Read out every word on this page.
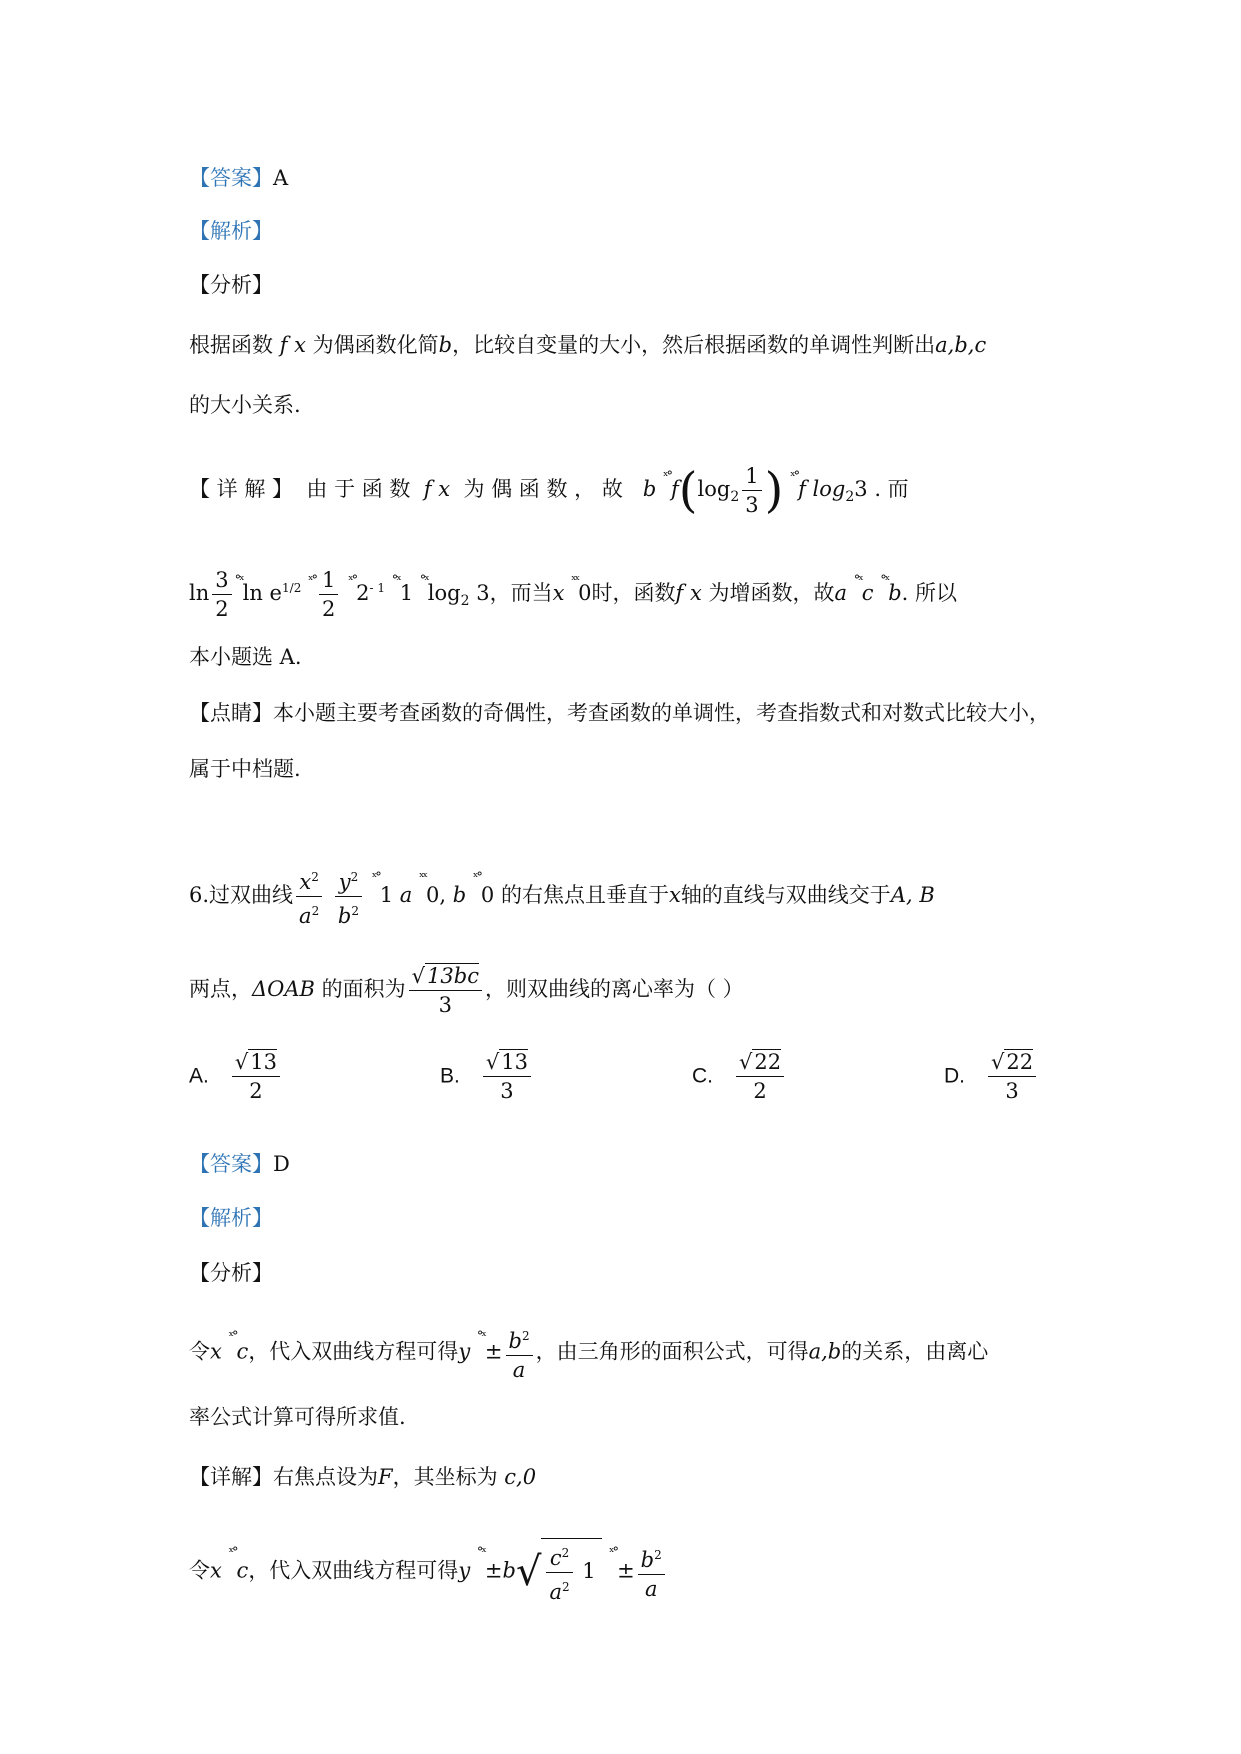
【答案】A
【解析】
【分析】
根据函数 f x 为偶函数化简b，比较自变量的大小，然后根据函数的单调性判断出a,b,c
的大小关系.
【 详 解 】 由 于 函 数 f x 为 偶 函 数 ， 故 b $^{ˣ^\circ}f(\log_2 \frac{1}{3}$ ) $^{ˣ^\circ}$f $\log_23$ . 而
$\ln \frac{3}{2} ^{^\circ ˣ}\ln$ $e^{1/2}$ $^{ˣ^\circ} \frac{1}{2} ^{ˣ^\circ}2^{- 1}$ $^{^\circ ˣ}$1 $^{^\circ ˣ}\log_2$ 3，而当x $^{ˣˣ}$0时，函数f x 为增函数，故a $^{^\circ ˣ}$c $^{^\circ ˣ}$b. 所以
本小题选 A.
【点睛】本小题主要考查函数的奇偶性，考查函数的单调性，考查指数式和对数式比较大小，
属于中档题.
6.过双曲线 $\frac{x^2}{a^2}$
$\frac{y^2}{b^2} ^{ˣ^\circ}1$ a $^{ˣˣ}$0, b $^{ˣ^\circ}$0 的右焦点且垂直于x轴的直线与双曲线交于A, B
两点，ΔOAB 的面积为 $\frac{√13bc}{3}$ ，则双曲线的离心率为（ ）
A. $\frac{√13}{2}$	B. $\frac{√13}{3}$	C. $\frac{√22}{2}$	D. $\frac{√22}{3}$
【答案】D
【解析】
【分析】
令x $^{ˣ^\circ}$c，代入双曲线方程可得y $^{^\circ ˣ}\pm \frac{b^2}{a}$ ，由三角形的面积公式，可得a,b的关系，由离心
率公式计算可得所求值.
【详解】右焦点设为F，其坐标为 c,0
令x $^{ˣ^\circ}$c，代入双曲线方程可得y $^{^\circ ˣ}\pm b√ \frac{c^2}{a^2} 1$  $^{ˣ^\circ}\pm \frac{b^2}{a}$
